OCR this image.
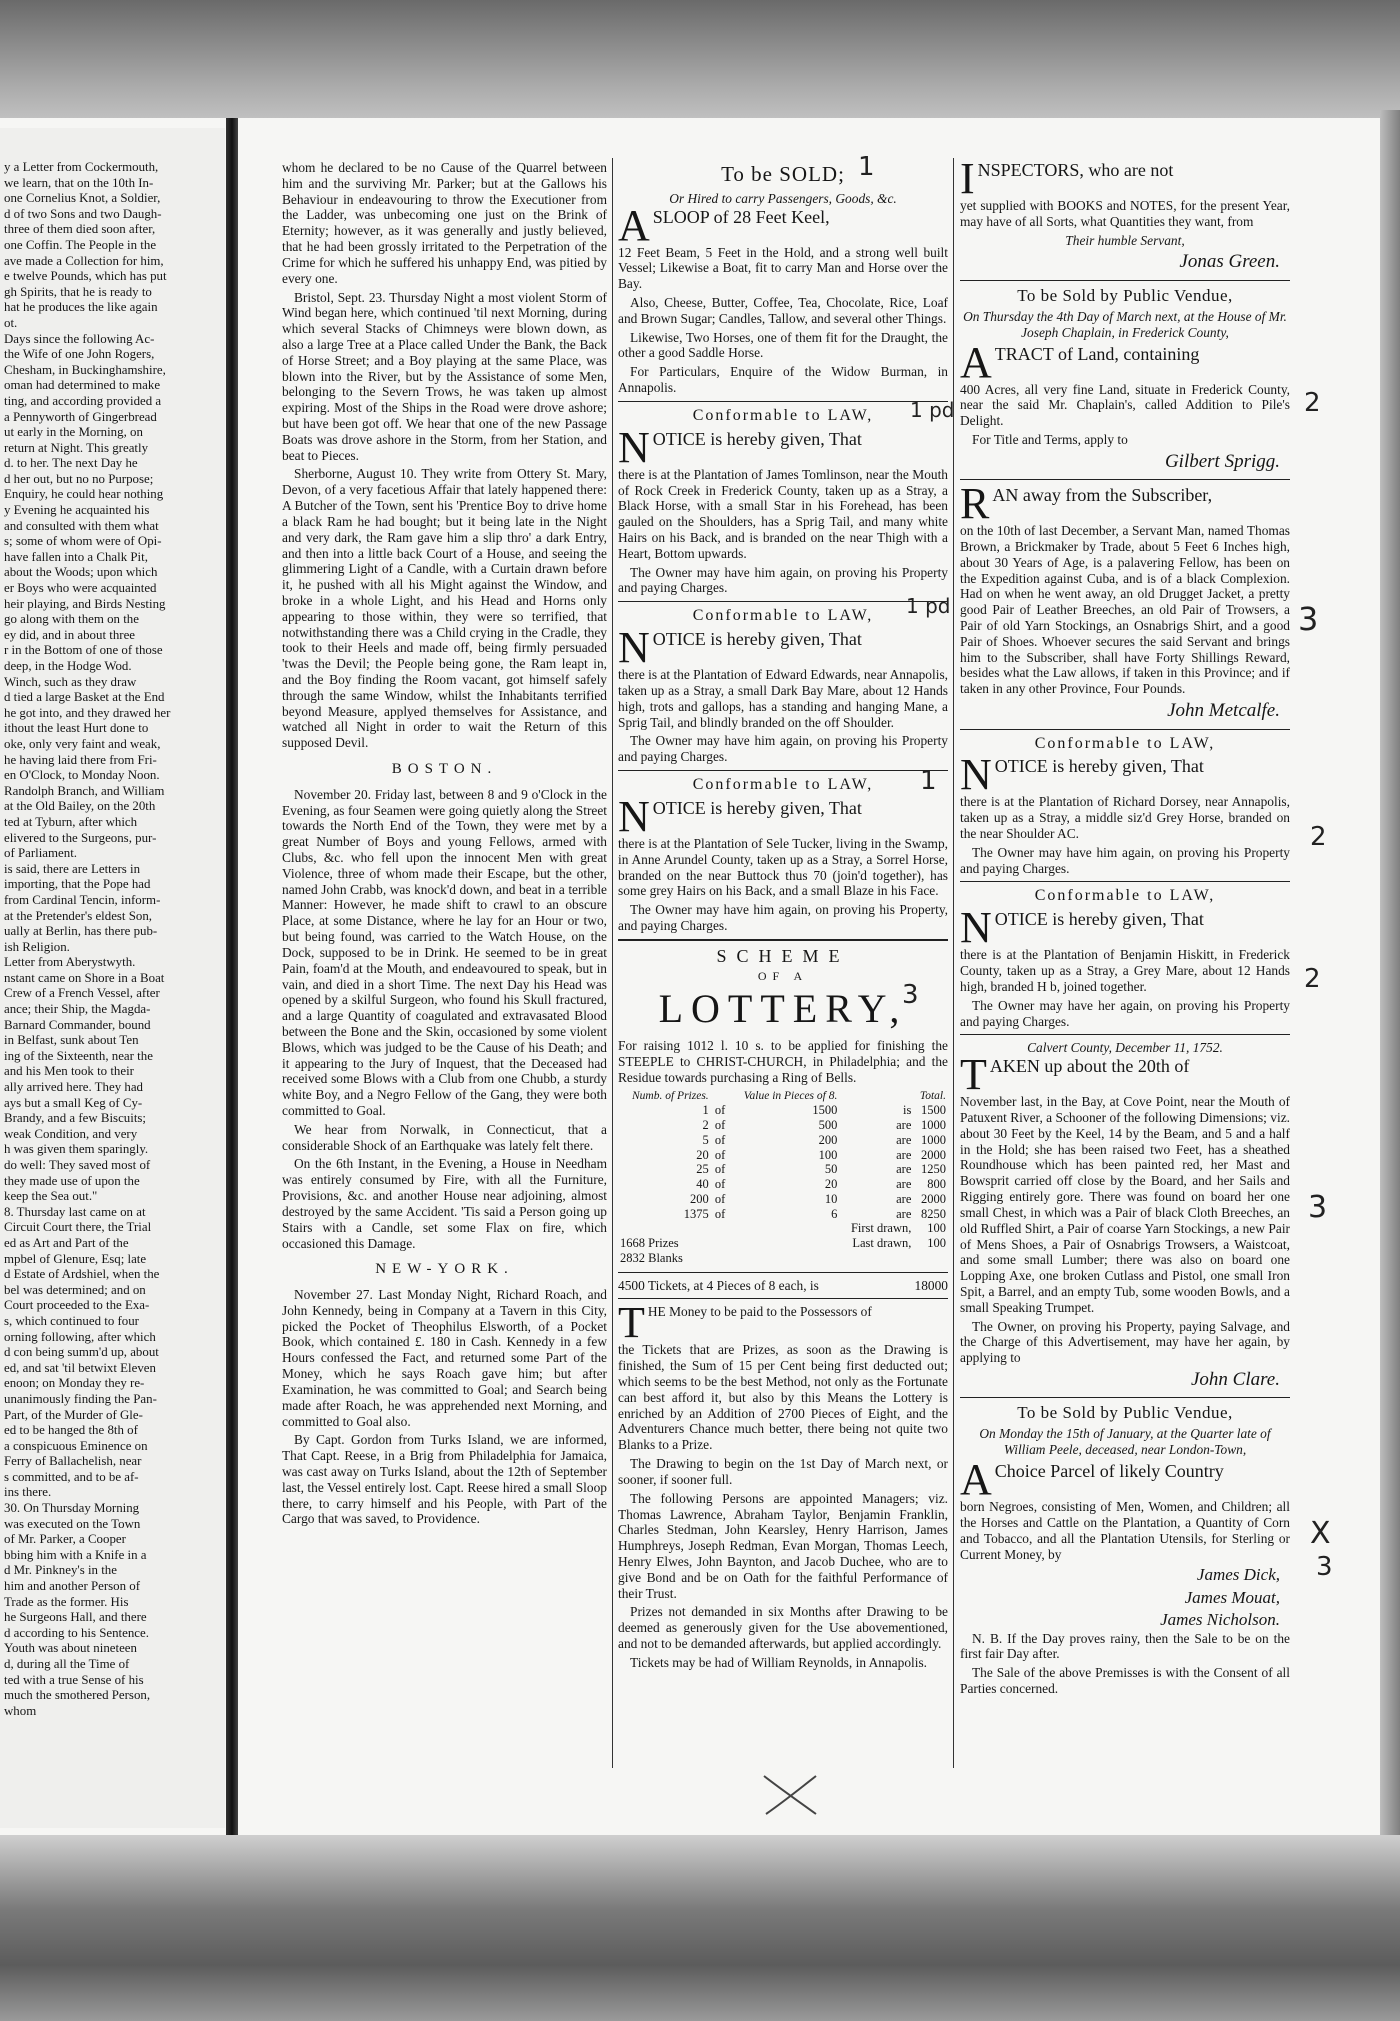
y a Letter from Cockermouth,

we learn, that on the 10th In-

one Cornelius Knot, a Soldier,

d of two Sons and two Daugh-

three of them died soon after,

one Coffin. The People in the

ave made a Collection for him,

e twelve Pounds, which has put

gh Spirits, that he is ready to

hat he produces the like again

ot.

Days since the following Ac-

the Wife of one John Rogers,

Chesham, in Buckinghamshire,

oman had determined to make

ting, and according provided a

a Pennyworth of Gingerbread

ut early in the Morning, on

return at Night. This greatly

d. to her. The next Day he

d her out, but no no Purpose;

Enquiry, he could hear nothing

y Evening he acquainted his

and consulted with them what

s; some of whom were of Opi-

have fallen into a Chalk Pit,

about the Woods; upon which

er Boys who were acquainted

heir playing, and Birds Nesting

go along with them on the

ey did, and in about three

r in the Bottom of one of those

deep, in the Hodge Wod.

Winch, such as they draw

d tied a large Basket at the End

he got into, and they drawed her

ithout the least Hurt done to

oke, only very faint and weak,

he having laid there from Fri-

en O'Clock, to Monday Noon.

Randolph Branch, and William

at the Old Bailey, on the 20th

ted at Tyburn, after which

elivered to the Surgeons, pur-

of Parliament.

is said, there are Letters in

importing, that the Pope had

from Cardinal Tencin, inform-

at the Pretender's eldest Son,

ually at Berlin, has there pub-

ish Religion.

Letter from Aberystwyth.

nstant came on Shore in a Boat

Crew of a French Vessel, after

ance; their Ship, the Magda-

Barnard Commander, bound

in Belfast, sunk about Ten

ing of the Sixteenth, near the

and his Men took to their

ally arrived here. They had

ays but a small Keg of Cy-

Brandy, and a few Biscuits;

weak Condition, and very

h was given them sparingly.

do well: They saved most of

they made use of upon the

keep the Sea out."

8. Thursday last came on at

Circuit Court there, the Trial

ed as Art and Part of the

mpbel of Glenure, Esq; late

d Estate of Ardshiel, when the

bel was determined; and on

Court proceeded to the Exa-

s, which continued to four

orning following, after which

d con being summ'd up, about

ed, and sat 'til betwixt Eleven

enoon; on Monday they re-

unanimously finding the Pan-

Part, of the Murder of Gle-

ed to be hanged the 8th of

a conspicuous Eminence on

Ferry of Ballachelish, near

s committed, and to be af-

ins there.

30. On Thursday Morning

was executed on the Town

of Mr. Parker, a Cooper

bbing him with a Knife in a

d Mr. Pinkney's in the

him and another Person of

Trade as the former. His

he Surgeons Hall, and there

d according to his Sentence.

Youth was about nineteen

d, during all the Time of

ted with a true Sense of his

much the smothered Person,

whom

whom he declared to be no Cause of the Quarrel between him and the surviving Mr. Parker; but at the Gallows his Behaviour in endeavouring to throw the Executioner from the Ladder, was unbecoming one just on the Brink of Eternity; however, as it was generally and justly believed, that he had been grossly irritated to the Perpetration of the Crime for which he suffered his unhappy End, was pitied by every one.

Bristol, Sept. 23. Thursday Night a most violent Storm of Wind began here, which continued 'til next Morning, during which several Stacks of Chimneys were blown down, as also a large Tree at a Place called Under the Bank, the Back of Horse Street; and a Boy playing at the same Place, was blown into the River, but by the Assistance of some Men, belonging to the Severn Trows, he was taken up almost expiring. Most of the Ships in the Road were drove ashore; but have been got off. We hear that one of the new Passage Boats was drove ashore in the Storm, from her Station, and beat to Pieces.

Sherborne, August 10. They write from Ottery St. Mary, Devon, of a very facetious Affair that lately happened there: A Butcher of the Town, sent his 'Prentice Boy to drive home a black Ram he had bought; but it being late in the Night and very dark, the Ram gave him a slip thro' a dark Entry, and then into a little back Court of a House, and seeing the glimmering Light of a Candle, with a Curtain drawn before it, he pushed with all his Might against the Window, and broke in a whole Light, and his Head and Horns only appearing to those within, they were so terrified, that notwithstanding there was a Child crying in the Cradle, they took to their Heels and made off, being firmly persuaded 'twas the Devil; the People being gone, the Ram leapt in, and the Boy finding the Room vacant, got himself safely through the same Window, whilst the Inhabitants terrified beyond Measure, applyed themselves for Assistance, and watched all Night in order to wait the Return of this supposed Devil.

BOSTON.

November 20. Friday last, between 8 and 9 o'Clock in the Evening, as four Seamen were going quietly along the Street towards the North End of the Town, they were met by a great Number of Boys and young Fellows, armed with Clubs, &c. who fell upon the innocent Men with great Violence, three of whom made their Escape, but the other, named John Crabb, was knock'd down, and beat in a terrible Manner: However, he made shift to crawl to an obscure Place, at some Distance, where he lay for an Hour or two, but being found, was carried to the Watch House, on the Dock, supposed to be in Drink. He seemed to be in great Pain, foam'd at the Mouth, and endeavoured to speak, but in vain, and died in a short Time. The next Day his Head was opened by a skilful Surgeon, who found his Skull fractured, and a large Quantity of coagulated and extravasated Blood between the Bone and the Skin, occasioned by some violent Blows, which was judged to be the Cause of his Death; and it appearing to the Jury of Inquest, that the Deceased had received some Blows with a Club from one Chubb, a sturdy white Boy, and a Negro Fellow of the Gang, they were both committed to Goal.

We hear from Norwalk, in Connecticut, that a considerable Shock of an Earthquake was lately felt there.

On the 6th Instant, in the Evening, a House in Needham was entirely consumed by Fire, with all the Furniture, Provisions, &c. and another House near adjoining, almost destroyed by the same Accident. 'Tis said a Person going up Stairs with a Candle, set some Flax on fire, which occasioned this Damage.

NEW-YORK.

November 27. Last Monday Night, Richard Roach, and John Kennedy, being in Company at a Tavern in this City, picked the Pocket of Theophilus Elsworth, of a Pocket Book, which contained £. 180 in Cash. Kennedy in a few Hours confessed the Fact, and returned some Part of the Money, which he says Roach gave him; but after Examination, he was committed to Goal; and Search being made after Roach, he was apprehended next Morning, and committed to Goal also.

By Capt. Gordon from Turks Island, we are informed, That Capt. Reese, in a Brig from Philadelphia for Jamaica, was cast away on Turks Island, about the 12th of September last, the Vessel entirely lost. Capt. Reese hired a small Sloop there, to carry himself and his People, with Part of the Cargo that was saved, to Providence.

To be SOLD;
Or Hired to carry Passengers, Goods, &c.
A SLOOP of 28 Feet Keel,

12 Feet Beam, 5 Feet in the Hold, and a strong well built Vessel; Likewise a Boat, fit to carry Man and Horse over the Bay.

Also, Cheese, Butter, Coffee, Tea, Chocolate, Rice, Loaf and Brown Sugar; Candles, Tallow, and several other Things.

Likewise, Two Horses, one of them fit for the Draught, the other a good Saddle Horse.

For Particulars, Enquire of the Widow Burman, in Annapolis.

Conformable to LAW,
N OTICE is hereby given, That

there is at the Plantation of James Tomlinson, near the Mouth of Rock Creek in Frederick County, taken up as a Stray, a Black Horse, with a small Star in his Forehead, has been gauled on the Shoulders, has a Sprig Tail, and many white Hairs on his Back, and is branded on the near Thigh with a Heart, Bottom upwards.

The Owner may have him again, on proving his Property and paying Charges.

Conformable to LAW,
N OTICE is hereby given, That

there is at the Plantation of Edward Edwards, near Annapolis, taken up as a Stray, a small Dark Bay Mare, about 12 Hands high, trots and gallops, has a standing and hanging Mane, a Sprig Tail, and blindly branded on the off Shoulder.

The Owner may have him again, on proving his Property and paying Charges.

Conformable to LAW,
N OTICE is hereby given, That

there is at the Plantation of Sele Tucker, living in the Swamp, in Anne Arundel County, taken up as a Stray, a Sorrel Horse, branded on the near Buttock thus 70 (join'd together), has some grey Hairs on his Back, and a small Blaze in his Face.

The Owner may have him again, on proving his Property, and paying Charges.

SCHEME
OF A
LOTTERY,

For raising 1012 l. 10 s. to be applied for finishing the STEEPLE to CHRIST-CHURCH, in Philadelphia; and the Residue towards purchasing a Ring of Bells.

Numb. of Prizes.		Value in Pieces of 8.		Total.
1	of	1500	is	1500
2	of	500	are	1000
5	of	200	are	1000
20	of	100	are	2000
25	of	50	are	1250
40	of	20	are	800
200	of	10	are	2000
1375	of	6	are	8250
			First drawn,	100
1668 Prizes			Last drawn,	100
2832 Blanks				
4500 Tickets, at 4 Pieces of 8 each, is	18000
T HE Money to be paid to the Possessors of

the Tickets that are Prizes, as soon as the Drawing is finished, the Sum of 15 per Cent being first deducted out; which seems to be the best Method, not only as the Fortunate can best afford it, but also by this Means the Lottery is enriched by an Addition of 2700 Pieces of Eight, and the Adventurers Chance much better, there being not quite two Blanks to a Prize.

The Drawing to begin on the 1st Day of March next, or sooner, if sooner full.

The following Persons are appointed Managers; viz. Thomas Lawrence, Abraham Taylor, Benjamin Franklin, Charles Stedman, John Kearsley, Henry Harrison, James Humphreys, Joseph Redman, Evan Morgan, Thomas Leech, Henry Elwes, John Baynton, and Jacob Duchee, who are to give Bond and be on Oath for the faithful Performance of their Trust.

Prizes not demanded in six Months after Drawing to be deemed as generously given for the Use abovementioned, and not to be demanded afterwards, but applied accordingly.

Tickets may be had of William Reynolds, in Annapolis.

I NSPECTORS, who are not

yet supplied with BOOKS and NOTES, for the present Year, may have of all Sorts, what Quantities they want, from

Their humble Servant,
Jonas Green.
To be Sold by Public Vendue,

On Thursday the 4th Day of March next, at the House of Mr. Joseph Chaplain, in Frederick County,

A TRACT of Land, containing

400 Acres, all very fine Land, situate in Frederick County, near the said Mr. Chaplain's, called Addition to Pile's Delight.

For Title and Terms, apply to

Gilbert Sprigg.
R AN away from the Subscriber,

on the 10th of last December, a Servant Man, named Thomas Brown, a Brickmaker by Trade, about 5 Feet 6 Inches high, about 30 Years of Age, is a palavering Fellow, has been on the Expedition against Cuba, and is of a black Complexion. Had on when he went away, an old Drugget Jacket, a pretty good Pair of Leather Breeches, an old Pair of Trowsers, a Pair of old Yarn Stockings, an Osnabrigs Shirt, and a good Pair of Shoes. Whoever secures the said Servant and brings him to the Subscriber, shall have Forty Shillings Reward, besides what the Law allows, if taken in this Province; and if taken in any other Province, Four Pounds.

John Metcalfe.
Conformable to LAW,
N OTICE is hereby given, That

there is at the Plantation of Richard Dorsey, near Annapolis, taken up as a Stray, a middle siz'd Grey Horse, branded on the near Shoulder AC.

The Owner may have him again, on proving his Property and paying Charges.

Conformable to LAW,
N OTICE is hereby given, That

there is at the Plantation of Benjamin Hiskitt, in Frederick County, taken up as a Stray, a Grey Mare, about 12 Hands high, branded H b, joined together.

The Owner may have her again, on proving his Property and paying Charges.

Calvert County, December 11, 1752.
T AKEN up about the 20th of

November last, in the Bay, at Cove Point, near the Mouth of Patuxent River, a Schooner of the following Dimensions; viz. about 30 Feet by the Keel, 14 by the Beam, and 5 and a half in the Hold; she has been raised two Feet, has a sheathed Roundhouse which has been painted red, her Mast and Bowsprit carried off close by the Board, and her Sails and Rigging entirely gore. There was found on board her one small Chest, in which was a Pair of black Cloth Breeches, an old Ruffled Shirt, a Pair of coarse Yarn Stockings, a new Pair of Mens Shoes, a Pair of Osnabrigs Trowsers, a Waistcoat, and some small Lumber; there was also on board one Lopping Axe, one broken Cutlass and Pistol, one small Iron Spit, a Barrel, and an empty Tub, some wooden Bowls, and a small Speaking Trumpet.

The Owner, on proving his Property, paying Salvage, and the Charge of this Advertisement, may have her again, by applying to

John Clare.
To be Sold by Public Vendue,

On Monday the 15th of January, at the Quarter late of William Peele, deceased, near London-Town,

A Choice Parcel of likely Country

born Negroes, consisting of Men, Women, and Children; all the Horses and Cattle on the Plantation, a Quantity of Corn and Tobacco, and all the Plantation Utensils, for Sterling or Current Money, by

James Dick,
James Mouat,
James Nicholson.

N. B. If the Day proves rainy, then the Sale to be on the first fair Day after.

The Sale of the above Premisses is with the Consent of all Parties concerned.

1
1 pd
1 pd
1
3
2
3
2
2
3
X
3
